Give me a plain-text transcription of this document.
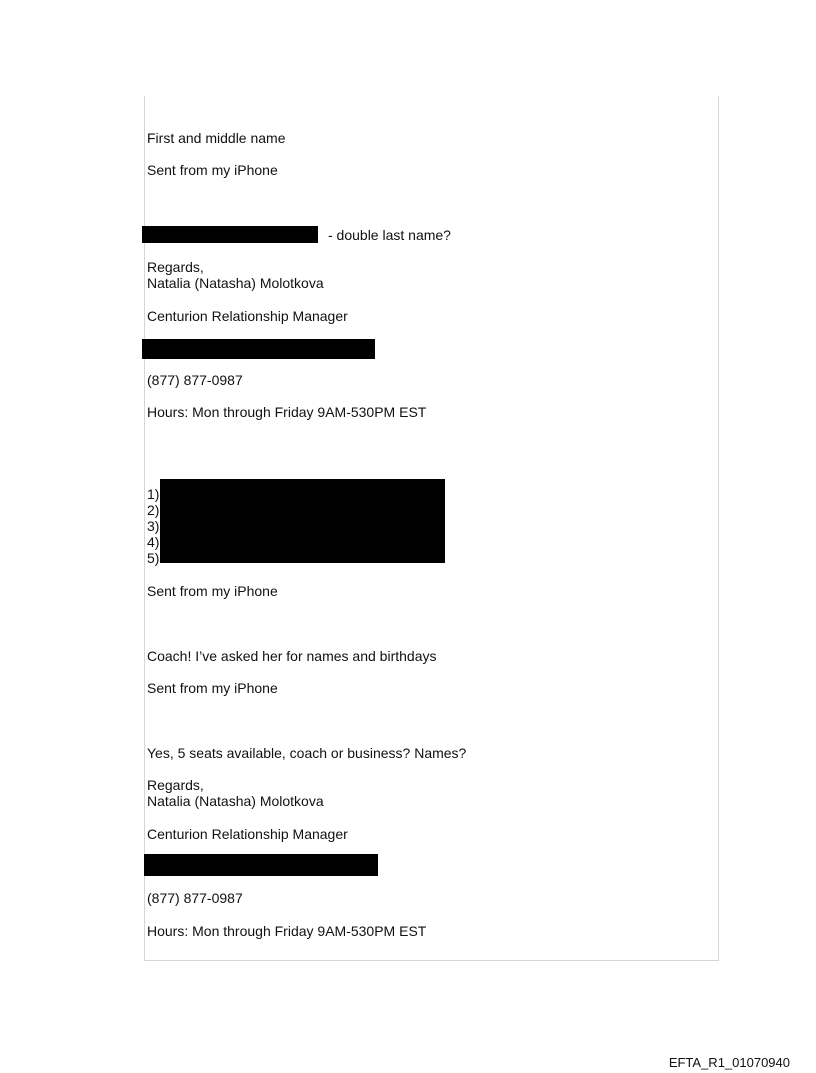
First and middle name
Sent from my iPhone
- double last name?
Regards,
Natalia (Natasha) Molotkova
Centurion Relationship Manager
(877) 877-0987
Hours: Mon through Friday 9AM-530PM EST
1)
2)
3)
4)
5)
Sent from my iPhone
Coach! I’ve asked her for names and birthdays
Sent from my iPhone
Yes, 5 seats available, coach or business? Names?
Regards,
Natalia (Natasha) Molotkova
Centurion Relationship Manager
(877) 877-0987
Hours: Mon through Friday 9AM-530PM EST
EFTA_R1_01070940
